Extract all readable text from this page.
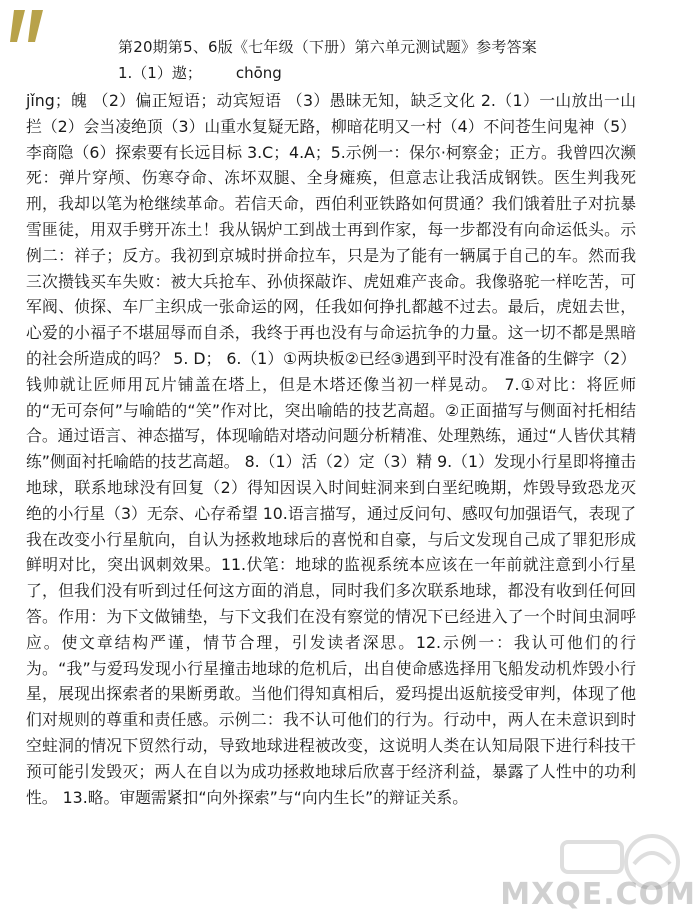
第20期第5、6版《七年级（下册）第六单元测试题》参考答案
1.（1）遨； chōng
jǐng；魄 （2）偏正短语；动宾短语 （3）愚昧无知，缺乏文化 2.（1）一山放出一山拦（2）会当凌绝顶（3）山重水复疑无路，柳暗花明又一村（4）不问苍生问鬼神（5）李商隐（6）探索要有长远目标 3.C；4.A；5.示例一：保尔·柯察金；正方。我曾四次濒死：弹片穿颅、伤寒夺命、冻坏双腿、全身瘫痪，但意志让我活成钢铁。医生判我死刑，我却以笔为枪继续革命。若信天命，西伯利亚铁路如何贯通？我们饿着肚子对抗暴雪匪徒，用双手劈开冻土！我从锅炉工到战士再到作家，每一步都没有向命运低头。示例二：祥子；反方。我初到京城时拼命拉车，只是为了能有一辆属于自己的车。然而我三次攒钱买车失败：被大兵抢车、孙侦探敲诈、虎妞难产丧命。我像骆驼一样吃苦，可军阀、侦探、车厂主织成一张命运的网，任我如何挣扎都越不过去。最后，虎妞去世，心爱的小福子不堪屈辱而自杀，我终于再也没有与命运抗争的力量。这一切不都是黑暗的社会所造成的吗？ 5. D； 6.（1）①两块板②已经③遇到平时没有准备的生僻字（2）钱帅就让匠师用瓦片铺盖在塔上，但是木塔还像当初一样晃动。 7.①对比：将匠师的“无可奈何”与喻皓的“笑”作对比，突出喻皓的技艺高超。②正面描写与侧面衬托相结合。通过语言、神态描写，体现喻皓对塔动问题分析精准、处理熟练，通过“人皆伏其精练”侧面衬托喻皓的技艺高超。 8.（1）活（2）定（3）精 9.（1）发现小行星即将撞击地球，联系地球没有回复（2）得知因误入时间蛀洞来到白垩纪晚期，炸毁导致恐龙灭绝的小行星（3）无奈、心存希望 10.语言描写，通过反问句、感叹句加强语气，表现了我在改变小行星航向，自认为拯救地球后的喜悦和自豪，与后文发现自己成了罪犯形成鲜明对比，突出讽刺效果。11.伏笔：地球的监视系统本应该在一年前就注意到小行星了，但我们没有听到过任何这方面的消息，同时我们多次联系地球，都没有收到任何回答。作用：为下文做铺垫，与下文我们在没有察觉的情况下已经进入了一个时间虫洞呼应。使文章结构严谨，情节合理，引发读者深思。12.示例一：我认可他们的行为。“我”与爱玛发现小行星撞击地球的危机后，出自使命感选择用飞船发动机炸毁小行星，展现出探索者的果断勇敢。当他们得知真相后，爱玛提出返航接受审判，体现了他们对规则的尊重和责任感。示例二：我不认可他们的行为。行动中，两人在未意识到时空蛀洞的情况下贸然行动，导致地球进程被改变，这说明人类在认知局限下进行科技干预可能引发毁灭；两人在自以为成功拯救地球后欣喜于经济利益，暴露了人性中的功利性。 13.略。审题需紧扣“向外探索”与“向内生长”的辩证关系。
MXQE.COM
